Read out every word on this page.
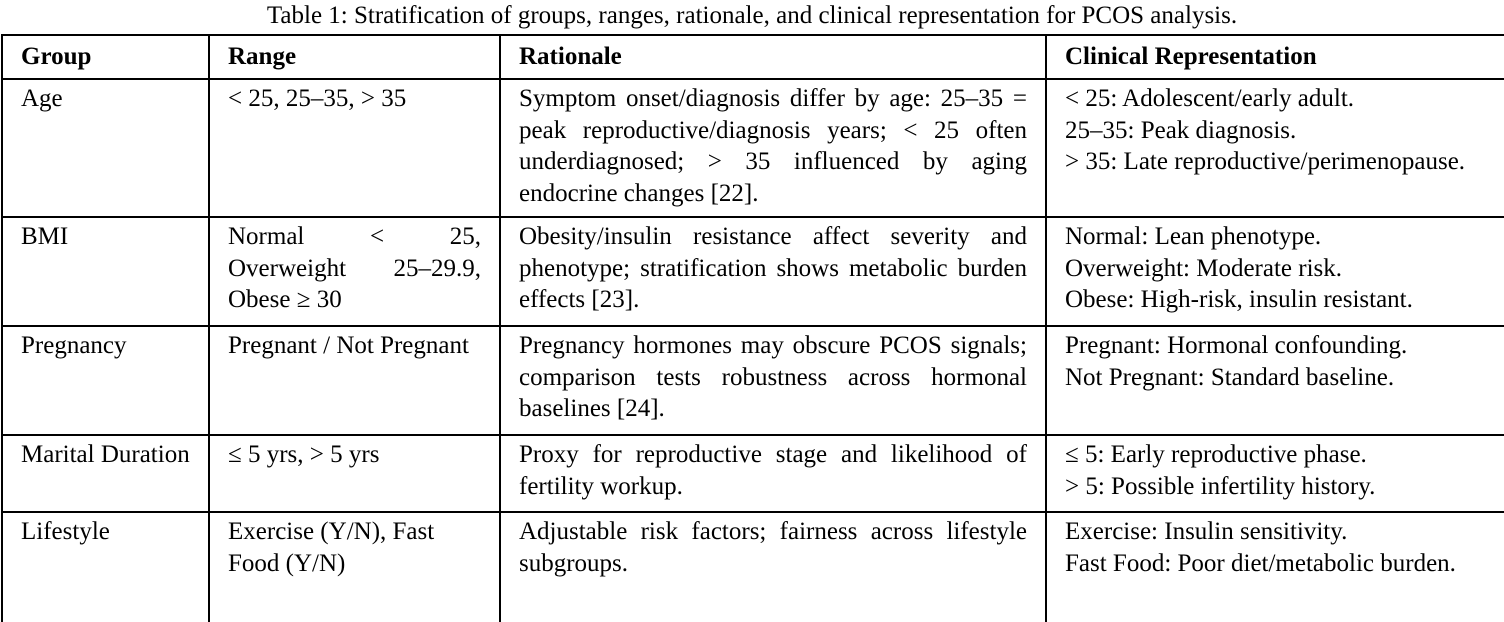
Table 1: Stratification of groups, ranges, rationale, and clinical representation for PCOS analysis.
Group	Range	Rationale	Clinical Representation
Age	< 25, 25–35, > 35	Symptom onset/diagnosis differ by age: 25–35 = peak reproductive/diagnosis years; < 25 often underdiagnosed; > 35 influenced by aging endocrine changes [22].	< 25: Adolescent/early adult.
25–35: Peak diagnosis.
> 35: Late reproductive/perimenopause.

BMI	Normal < 25, Overweight 25–29.9, Obese ≥ 30	Obesity/insulin resistance affect severity and phenotype; stratification shows metabolic burden effects [23].	Normal: Lean phenotype.
Overweight: Moderate risk.
Obese: High-risk, insulin resistant.

Pregnancy	Pregnant / Not Pregnant	Pregnancy hormones may obscure PCOS signals; comparison tests robustness across hormonal baselines [24].	Pregnant: Hormonal confounding.
Not Pregnant: Standard baseline.

Marital Duration	≤ 5 yrs, > 5 yrs	Proxy for reproductive stage and likelihood of fertility workup.	≤ 5: Early reproductive phase.
> 5: Possible infertility history.

Lifestyle	Exercise (Y/N), Fast Food (Y/N)	Adjustable risk factors; fairness across lifestyle subgroups.	Exercise: Insulin sensitivity.
Fast Food: Poor diet/metabolic burden.
